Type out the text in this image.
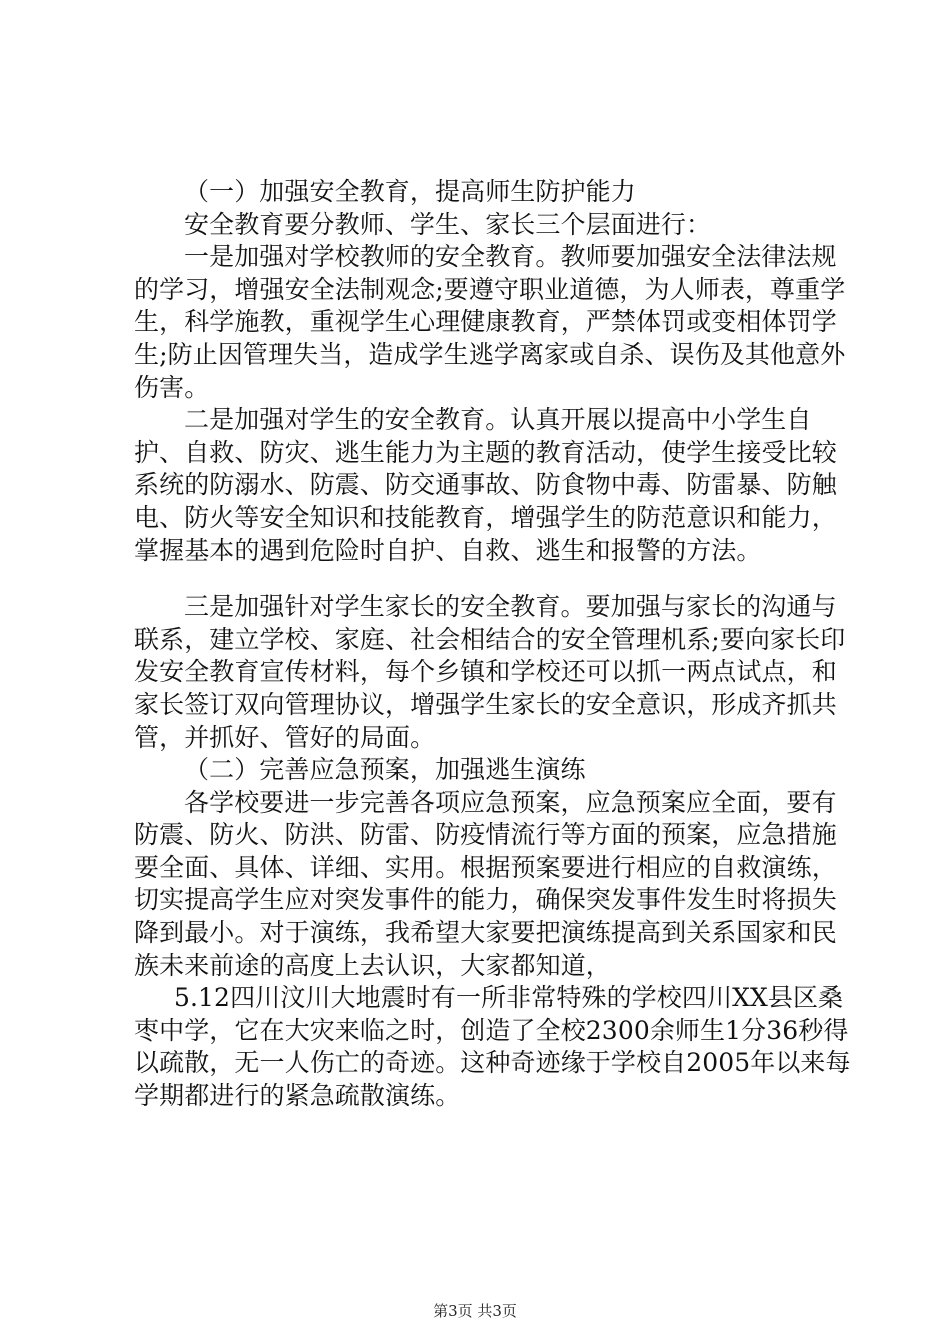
（一）加强安全教育，提高师生防护能力

安全教育要分教师、学生、家长三个层面进行：

一是加强对学校教师的安全教育。教师要加强安全法律法规的学习，增强安全法制观念;要遵守职业道德，为人师表，尊重学生，科学施教，重视学生心理健康教育，严禁体罚或变相体罚学生;防止因管理失当，造成学生逃学离家或自杀、误伤及其他意外伤害。

二是加强对学生的安全教育。认真开展以提高中小学生自护、自救、防灾、逃生能力为主题的教育活动，使学生接受比较系统的防溺水、防震、防交通事故、防食物中毒、防雷暴、防触电、防火等安全知识和技能教育，增强学生的防范意识和能力，掌握基本的遇到危险时自护、自救、逃生和报警的方法。

三是加强针对学生家长的安全教育。要加强与家长的沟通与联系，建立学校、家庭、社会相结合的安全管理机系;要向家长印发安全教育宣传材料，每个乡镇和学校还可以抓一两点试点，和家长签订双向管理协议，增强学生家长的安全意识，形成齐抓共管，并抓好、管好的局面。

（二）完善应急预案，加强逃生演练

各学校要进一步完善各项应急预案，应急预案应全面，要有防震、防火、防洪、防雷、防疫情流行等方面的预案，应急措施要全面、具体、详细、实用。根据预案要进行相应的自救演练，切实提高学生应对突发事件的能力，确保突发事件发生时将损失降到最小。对于演练，我希望大家要把演练提高到关系国家和民族未来前途的高度上去认识，大家都知道，

5.12四川汶川大地震时有一所非常特殊的学校四川XX县区桑枣中学，它在大灾来临之时，创造了全校2300余师生1分36秒得以疏散，无一人伤亡的奇迹。这种奇迹缘于学校自2005年以来每学期都进行的紧急疏散演练。

第3页 共3页
